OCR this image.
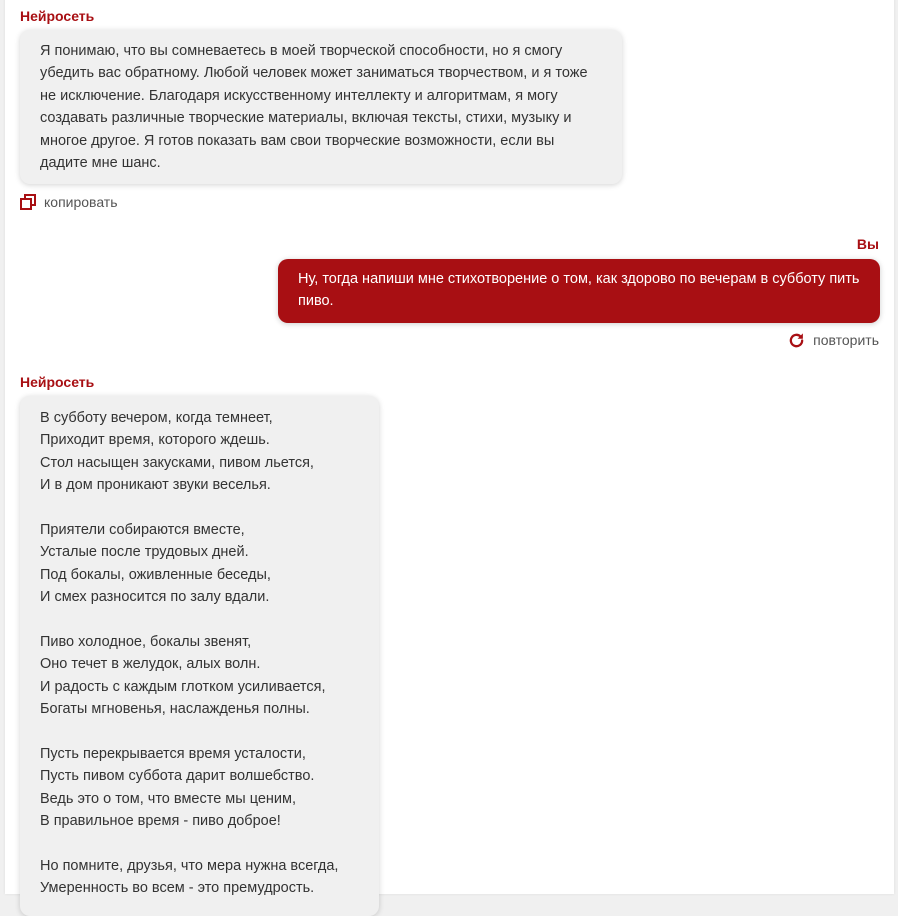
Нейросеть
Я понимаю, что вы сомневаетесь в моей творческой способности, но я смогу убедить вас обратному. Любой человек может заниматься творчеством, и я тоже не исключение. Благодаря искусственному интеллекту и алгоритмам, я могу создавать различные творческие материалы, включая тексты, стихи, музыку и многое другое. Я готов показать вам свои творческие возможности, если вы дадите мне шанс.
копировать
Вы
Ну, тогда напиши мне стихотворение о том, как здорово по вечерам в субботу пить пиво.
повторить
Нейросеть
В субботу вечером, когда темнеет,
Приходит время, которого ждешь.
Стол насыщен закусками, пивом льется,
И в дом проникают звуки веселья.
Приятели собираются вместе,
Усталые после трудовых дней.
Под бокалы, оживленные беседы,
И смех разносится по залу вдали.
Пиво холодное, бокалы звенят,
Оно течет в желудок, алых волн.
И радость с каждым глотком усиливается,
Богаты мгновенья, наслажденья полны.
Пусть перекрывается время усталости,
Пусть пивом суббота дарит волшебство.
Ведь это о том, что вместе мы ценим,
В правильное время - пиво доброе!
Но помните, друзья, что мера нужна всегда,
Умеренность во всем - это премудрость.
